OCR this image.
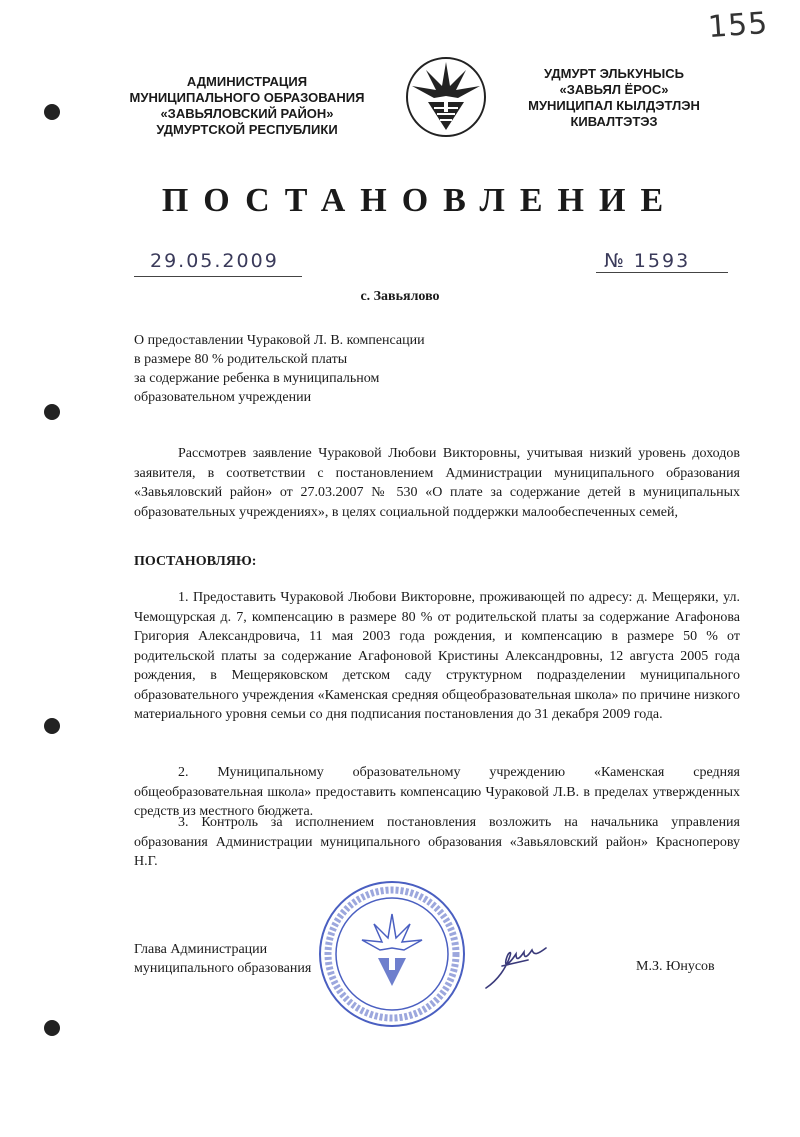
155
АДМИНИСТРАЦИЯ
МУНИЦИПАЛЬНОГО ОБРАЗОВАНИЯ
«ЗАВЬЯЛОВСКИЙ РАЙОН»
УДМУРТСКОЙ РЕСПУБЛИКИ
УДМУРТ ЭЛЬКУНЫСЬ
«ЗАВЬЯЛ ЁРОС»
МУНИЦИПАЛ КЫЛДЭТЛЭН
КИВАЛТЭТЭЗ
ПОСТАНОВЛЕНИЕ
29.05.2009	№ 1593
с. Завьялово
О предоставлении Чураковой Л. В. компенсации
в размере 80 % родительской платы
за содержание ребенка в муниципальном
образовательном учреждении
Рассмотрев заявление Чураковой Любови Викторовны, учитывая низкий уровень доходов заявителя, в соответствии с постановлением Администрации муниципального образования «Завьяловский район» от 27.03.2007 № 530 «О плате за содержание детей в муниципальных образовательных учреждениях», в целях социальной поддержки малообеспеченных семей,
ПОСТАНОВЛЯЮ:
1. Предоставить Чураковой Любови Викторовне, проживающей по адресу: д. Мещеряки, ул. Чемощурская д. 7, компенсацию в размере 80 % от родительской платы за содержание Агафонова Григория Александровича, 11 мая 2003 года рождения, и компенсацию в размере 50 % от родительской платы за содержание Агафоновой Кристины Александровны, 12 августа 2005 года рождения, в Мещеряковском детском саду структурном подразделении муниципального образовательного учреждения «Каменская средняя общеобразовательная школа» по причине низкого материального уровня семьи со дня подписания постановления до 31 декабря 2009 года.
2. Муниципальному образовательному учреждению «Каменская средняя общеобразовательная школа» предоставить компенсацию Чураковой Л.В. в пределах утвержденных средств из местного бюджета.
3. Контроль за исполнением постановления возложить на начальника управления образования Администрации муниципального образования «Завьяловский район» Красноперову Н.Г.
Глава Администрации
муниципального образования	М.З. Юнусов
